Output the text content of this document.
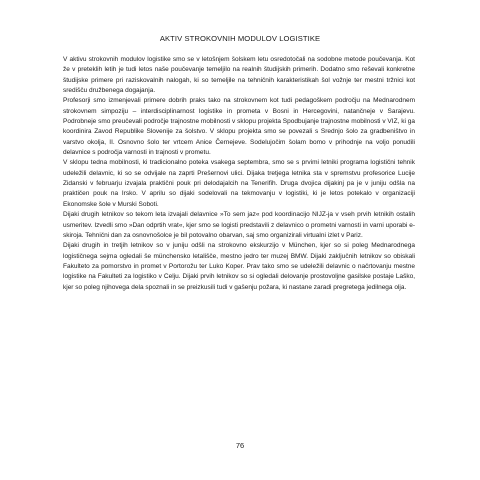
AKTIV STROKOVNIH MODULOV LOGISTIKE

V aktivu strokovnih modulov logistike smo se v letošnjem šolskem letu osredotočali na sodobne metode poučevanja. Kot že v preteklih letih je tudi letos naše poučevanje temeljilo na realnih študijskih primerih. Dodatno smo reševali konkretne študijske primere pri raziskovalnih nalogah, ki so temeljile na tehničnih karakteristikah šol vožnje ter mestni tržnici kot središču družbenega dogajanja.

Profesorji smo izmenjevali primere dobrih praks tako na strokovnem kot tudi pedagoškem področju na Mednarodnem strokovnem simpoziju – interdisciplinarnost logistike in prometa v Bosni in Hercegovini, natančneje v Sarajevu. Podrobneje smo preučevali področje trajnostne mobilnosti v sklopu projekta Spodbujanje trajnostne mobilnosti v VIZ, ki ga koordinira Zavod Republike Slovenije za šolstvo. V sklopu projekta smo se povezali s Srednjo šolo za gradbeništvo in varstvo okolja, II. Osnovno šolo ter vrtcem Anice Černejeve. Sodelujočim šolam bomo v prihodnje na voljo ponudili delavnice s področja varnosti in trajnosti v prometu.

V sklopu tedna mobilnosti, ki tradicionalno poteka vsakega septembra, smo se s prvimi letniki programa logistični tehnik udeležili delavnic, ki so se odvijale na zaprti Prešernovi ulici. Dijaka tretjega letnika sta v spremstvu profesorice Lucije Zidanski v februarju izvajala praktični pouk pri delodajalcih na Tenerifih. Druga dvojica dijakinj pa je v juniju odšla na praktičen pouk na Irsko. V aprilu so dijaki sodelovali na tekmovanju v logistiki, ki je letos potekalo v organizaciji Ekonomske šole v Murski Soboti.

Dijaki drugih letnikov so tekom leta izvajali delavnice »To sem jaz« pod koordinacijo NIJZ-ja v vseh prvih letnikih ostalih usmeritev. Izvedli smo »Dan odprtih vrat«, kjer smo se logisti predstavili z delavnico o prometni varnosti in varni uporabi e-skiroja. Tehnični dan za osnovnošolce je bil potovalno obarvan, saj smo organizirali virtualni izlet v Pariz.

Dijaki drugih in tretjih letnikov so v juniju odšli na strokovno ekskurzijo v München, kjer so si poleg Mednarodnega logističnega sejma ogledali še münchensko letališče, mestno jedro ter muzej BMW. Dijaki zaključnih letnikov so obiskali Fakulteto za pomorstvo in promet v Portorožu ter Luko Koper. Prav tako smo se udeležili delavnic o načrtovanju mestne logistike na Fakulteti za logistiko v Celju. Dijaki prvih letnikov so si ogledali delovanje prostovoljne gasilske postaje Laško, kjer so poleg njihovega dela spoznali in se preizkusili tudi v gašenju požara, ki nastane zaradi pregretega jedilnega olja.

76
